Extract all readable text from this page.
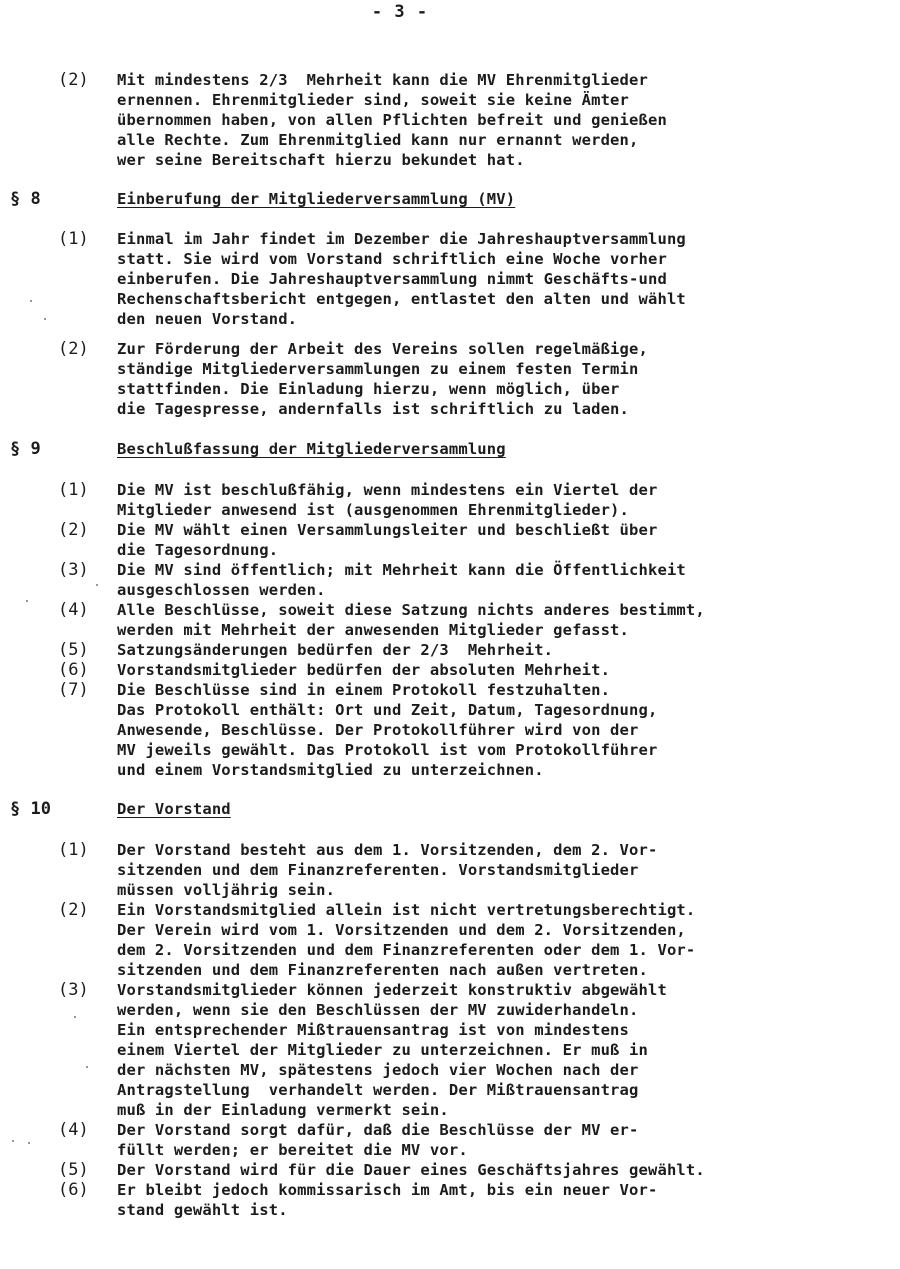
- 3 -
(2) Mit mindestens 2/3  Mehrheit kann die MV Ehrenmitglieder
ernennen. Ehrenmitglieder sind, soweit sie keine Ämter
übernommen haben, von allen Pflichten befreit und genießen
alle Rechte. Zum Ehrenmitglied kann nur ernannt werden,
wer seine Bereitschaft hierzu bekundet hat.
§ 8	Einberufung der Mitgliederversammlung (MV)
(1) Einmal im Jahr findet im Dezember die Jahreshauptversammlung
statt. Sie wird vom Vorstand schriftlich eine Woche vorher
einberufen. Die Jahreshauptversammlung nimmt Geschäfts-und
Rechenschaftsbericht entgegen, entlastet den alten und wählt
den neuen Vorstand.
(2) Zur Förderung der Arbeit des Vereins sollen regelmäßige,
ständige Mitgliederversammlungen zu einem festen Termin
stattfinden. Die Einladung hierzu, wenn möglich, über
die Tagespresse, andernfalls ist schriftlich zu laden.
§ 9	Beschlußfassung der Mitgliederversammlung
(1) Die MV ist beschlußfähig, wenn mindestens ein Viertel der
Mitglieder anwesend ist (ausgenommen Ehrenmitglieder).
(2) Die MV wählt einen Versammlungsleiter und beschließt über
die Tagesordnung.
(3) Die MV sind öffentlich; mit Mehrheit kann die Öffentlichkeit
ausgeschlossen werden.
(4) Alle Beschlüsse, soweit diese Satzung nichts anderes bestimmt,
werden mit Mehrheit der anwesenden Mitglieder gefasst.
(5) Satzungsänderungen bedürfen der 2/3  Mehrheit.
(6) Vorstandsmitglieder bedürfen der absoluten Mehrheit.
(7) Die Beschlüsse sind in einem Protokoll festzuhalten.
Das Protokoll enthält: Ort und Zeit, Datum, Tagesordnung,
Anwesende, Beschlüsse. Der Protokollführer wird von der
MV jeweils gewählt. Das Protokoll ist vom Protokollführer
und einem Vorstandsmitglied zu unterzeichnen.
§ 10	Der Vorstand
(1) Der Vorstand besteht aus dem 1. Vorsitzenden, dem 2. Vor-
sitzenden und dem Finanzreferenten. Vorstandsmitglieder
müssen volljährig sein.
(2) Ein Vorstandsmitglied allein ist nicht vertretungsberechtigt.
Der Verein wird vom 1. Vorsitzenden und dem 2. Vorsitzenden,
dem 2. Vorsitzenden und dem Finanzreferenten oder dem 1. Vor-
sitzenden und dem Finanzreferenten nach außen vertreten.
(3) Vorstandsmitglieder können jederzeit konstruktiv abgewählt
werden, wenn sie den Beschlüssen der MV zuwiderhandeln.
Ein entsprechender Mißtrauensantrag ist von mindestens
einem Viertel der Mitglieder zu unterzeichnen. Er muß in
der nächsten MV, spätestens jedoch vier Wochen nach der
Antragstellung  verhandelt werden. Der Mißtrauensantrag
muß in der Einladung vermerkt sein.
(4) Der Vorstand sorgt dafür, daß die Beschlüsse der MV er-
füllt werden; er bereitet die MV vor.
(5) Der Vorstand wird für die Dauer eines Geschäftsjahres gewählt.
(6) Er bleibt jedoch kommissarisch im Amt, bis ein neuer Vor-
stand gewählt ist.
